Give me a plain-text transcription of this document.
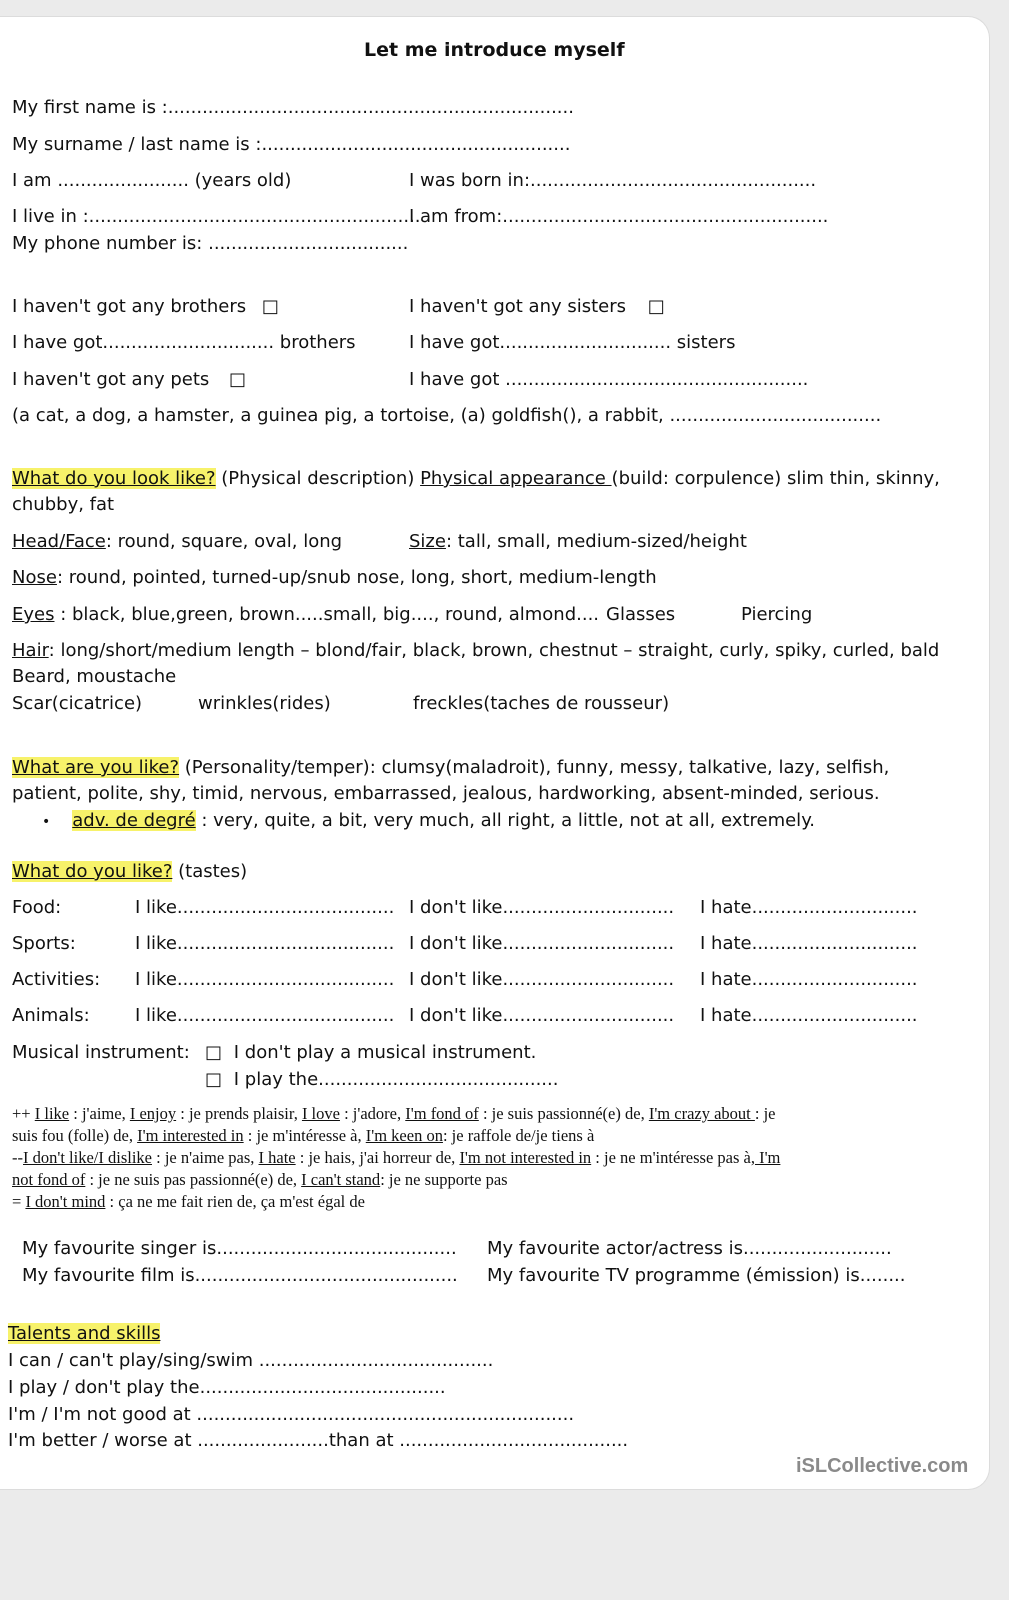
Let me introduce myself
My first name is :.......................................................................
My surname / last name is :......................................................
I am ....................... (years old)	I was born in:..................................................
I live in :..........................................................
I am from:.........................................................
My phone number is: ...................................
I haven't got any brothers □	I haven't got any sisters □
I have got.............................. brothers	I have got.............................. sisters
I haven't got any pets □	I have got .....................................................
(a cat, a dog, a hamster, a guinea pig, a tortoise, (a) goldfish(), a rabbit, .....................................
What do you look like? (Physical description) Physical appearance (build: corpulence) slim thin, skinny,
chubby, fat
Head/Face: round, square, oval, long	Size: tall, small, medium-sized/height
Nose: round, pointed, turned-up/snub nose, long, short, medium-length
Eyes : black, blue,green, brown.....small, big...., round, almond.... Glasses	Piercing
Hair: long/short/medium length – blond/fair, black, brown, chestnut – straight, curly, spiky, curled, bald
Beard, moustache
Scar(cicatrice)	wrinkles(rides)	freckles(taches de rousseur)
What are you like? (Personality/temper): clumsy(maladroit), funny, messy, talkative, lazy, selfish,
patient, polite, shy, timid, nervous, embarrassed, jealous, hardworking, absent-minded, serious.
• adv. de degré : very, quite, a bit, very much, all right, a little, not at all, extremely.
What do you like? (tastes)
Food:	I like...................................... I don't like.............................. I hate.............................
Sports:	I like...................................... I don't like.............................. I hate.............................
Activities: I like...................................... I don't like.............................. I hate.............................
Animals:	I like...................................... I don't like.............................. I hate.............................
Musical instrument: □ I don't play a musical instrument.
□ I play the..........................................
++ I like : j'aime, I enjoy : je prends plaisir, I love : j'adore, I'm fond of : je suis passionné(e) de, I'm crazy about : je
suis fou (folle) de, I'm interested in : je m'intéresse à, I'm keen on: je raffole de/je tiens à
--I don't like/I dislike : je n'aime pas, I hate : je hais, j'ai horreur de, I'm not interested in : je ne m'intéresse pas à, I'm
not fond of : je ne suis pas passionné(e) de, I can't stand: je ne supporte pas
= I don't mind : ça ne me fait rien de, ça m'est égal de
My favourite singer is.......................................... My favourite actor/actress is..........................
My favourite film is.............................................. My favourite TV programme (émission) is........
Talents and skills
I can / can't play/sing/swim .........................................
I play / don't play the...........................................
I'm / I'm not good at ..................................................................
I'm better / worse at .......................than at ........................................
iSLCollective.com
